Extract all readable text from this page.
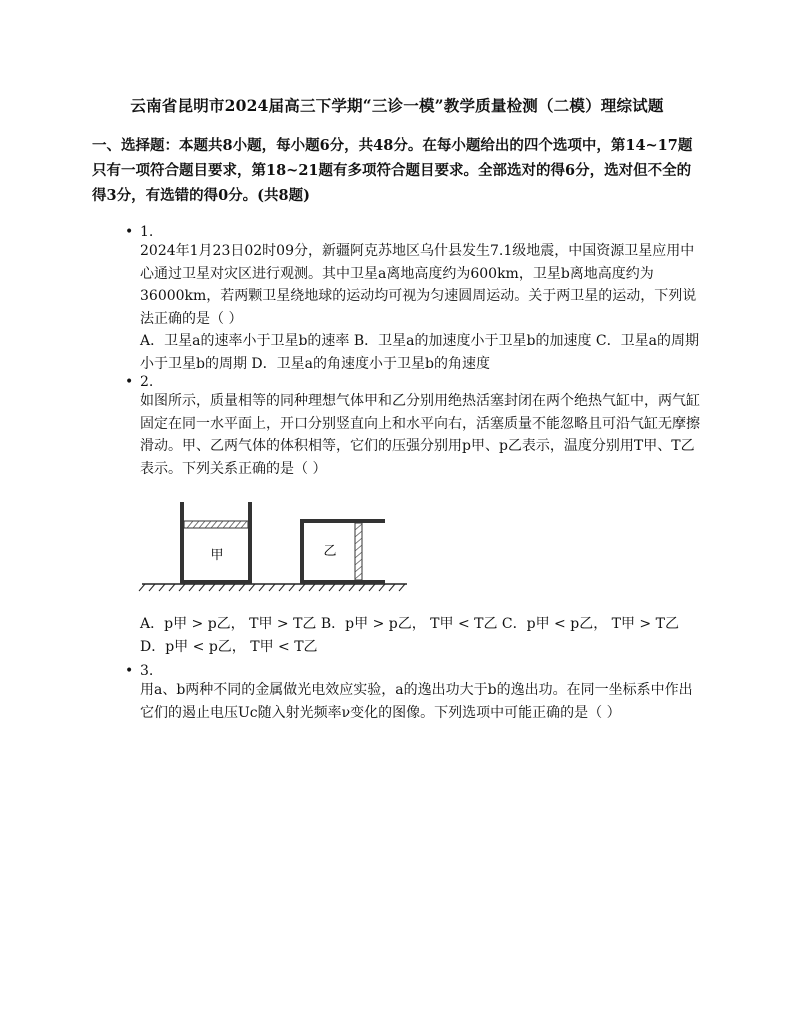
云南省昆明市2024届高三下学期“三诊一模”教学质量检测（二模）理综试题
一、选择题：本题共8小题，每小题6分，共48分。在每小题给出的四个选项中，第14~17题只有一项符合题目要求，第18~21题有多项符合题目要求。全部选对的得6分，选对但不全的得3分，有选错的得0分。(共8题)
• 1.

2024年1月23日02时09分，新疆阿克苏地区乌什县发生7.1级地震，中国资源卫星应用中心通过卫星对灾区进行观测。其中卫星a离地高度约为600km，卫星b离地高度约为36000km，若两颗卫星绕地球的运动均可视为匀速圆周运动。关于两卫星的运动，下列说法正确的是（ ）

A．卫星a的速率小于卫星b的速率 B．卫星a的加速度小于卫星b的加速度 C．卫星a的周期小于卫星b的周期 D．卫星a的角速度小于卫星b的角速度

• 2.

如图所示，质量相等的同种理想气体甲和乙分别用绝热活塞封闭在两个绝热气缸中，两气缸固定在同一水平面上，开口分别竖直向上和水平向右，活塞质量不能忽略且可沿气缸无摩擦滑动。甲、乙两气体的体积相等，它们的压强分别用p甲、p乙表示，温度分别用T甲、T乙表示。下列关系正确的是（ ）

A．p甲 > p乙， T甲 > T乙 B．p甲 > p乙， T甲 < T乙 C．p甲 < p乙， T甲 > T乙 D．p甲 < p乙， T甲 < T乙

甲	乙
• 3.

用a、b两种不同的金属做光电效应实验，a的逸出功大于b的逸出功。在同一坐标系中作出它们的遏止电压Uc随入射光频率ν变化的图像。下列选项中可能正确的是（ ）
